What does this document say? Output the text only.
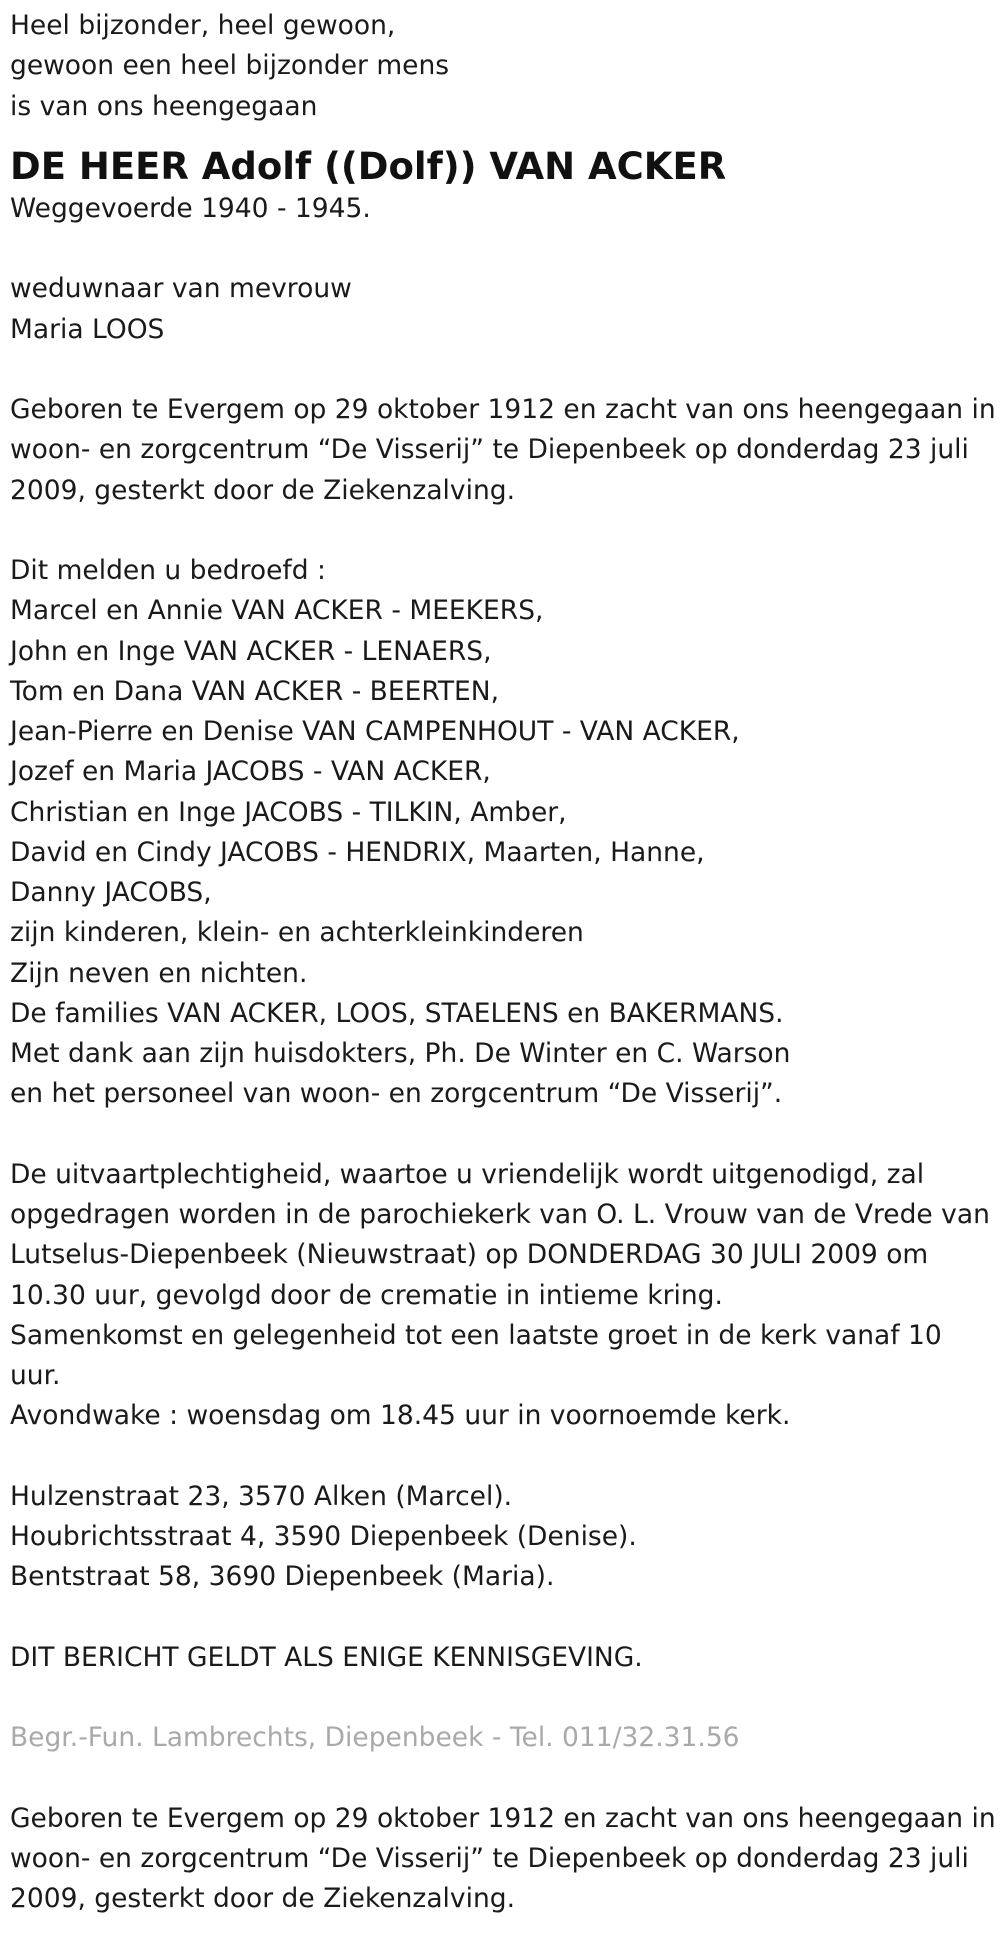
Heel bijzonder, heel gewoon,
gewoon een heel bijzonder mens
is van ons heengegaan
DE HEER Adolf ((Dolf)) VAN ACKER
Weggevoerde 1940 - 1945.
weduwnaar van mevrouw
Maria LOOS
Geboren te Evergem op 29 oktober 1912 en zacht van ons heengegaan in
woon- en zorgcentrum “De Visserij” te Diepenbeek op donderdag 23 juli
2009, gesterkt door de Ziekenzalving.
Dit melden u bedroefd :
Marcel en Annie VAN ACKER - MEEKERS,
John en Inge VAN ACKER - LENAERS,
Tom en Dana VAN ACKER - BEERTEN,
Jean-Pierre en Denise VAN CAMPENHOUT - VAN ACKER,
Jozef en Maria JACOBS - VAN ACKER,
Christian en Inge JACOBS - TILKIN, Amber,
David en Cindy JACOBS - HENDRIX, Maarten, Hanne,
Danny JACOBS,
zijn kinderen, klein- en achterkleinkinderen
Zijn neven en nichten.
De families VAN ACKER, LOOS, STAELENS en BAKERMANS.
Met dank aan zijn huisdokters, Ph. De Winter en C. Warson
en het personeel van woon- en zorgcentrum “De Visserij”.
De uitvaartplechtigheid, waartoe u vriendelijk wordt uitgenodigd, zal
opgedragen worden in de parochiekerk van O. L. Vrouw van de Vrede van
Lutselus-Diepenbeek (Nieuwstraat) op DONDERDAG 30 JULI 2009 om
10.30 uur, gevolgd door de crematie in intieme kring.
Samenkomst en gelegenheid tot een laatste groet in de kerk vanaf 10
uur.
Avondwake : woensdag om 18.45 uur in voornoemde kerk.
Hulzenstraat 23, 3570 Alken (Marcel).
Houbrichtsstraat 4, 3590 Diepenbeek (Denise).
Bentstraat 58, 3690 Diepenbeek (Maria).
DIT BERICHT GELDT ALS ENIGE KENNISGEVING.
Begr.-Fun. Lambrechts, Diepenbeek - Tel. 011/32.31.56
Geboren te Evergem op 29 oktober 1912 en zacht van ons heengegaan in
woon- en zorgcentrum “De Visserij” te Diepenbeek op donderdag 23 juli
2009, gesterkt door de Ziekenzalving.
